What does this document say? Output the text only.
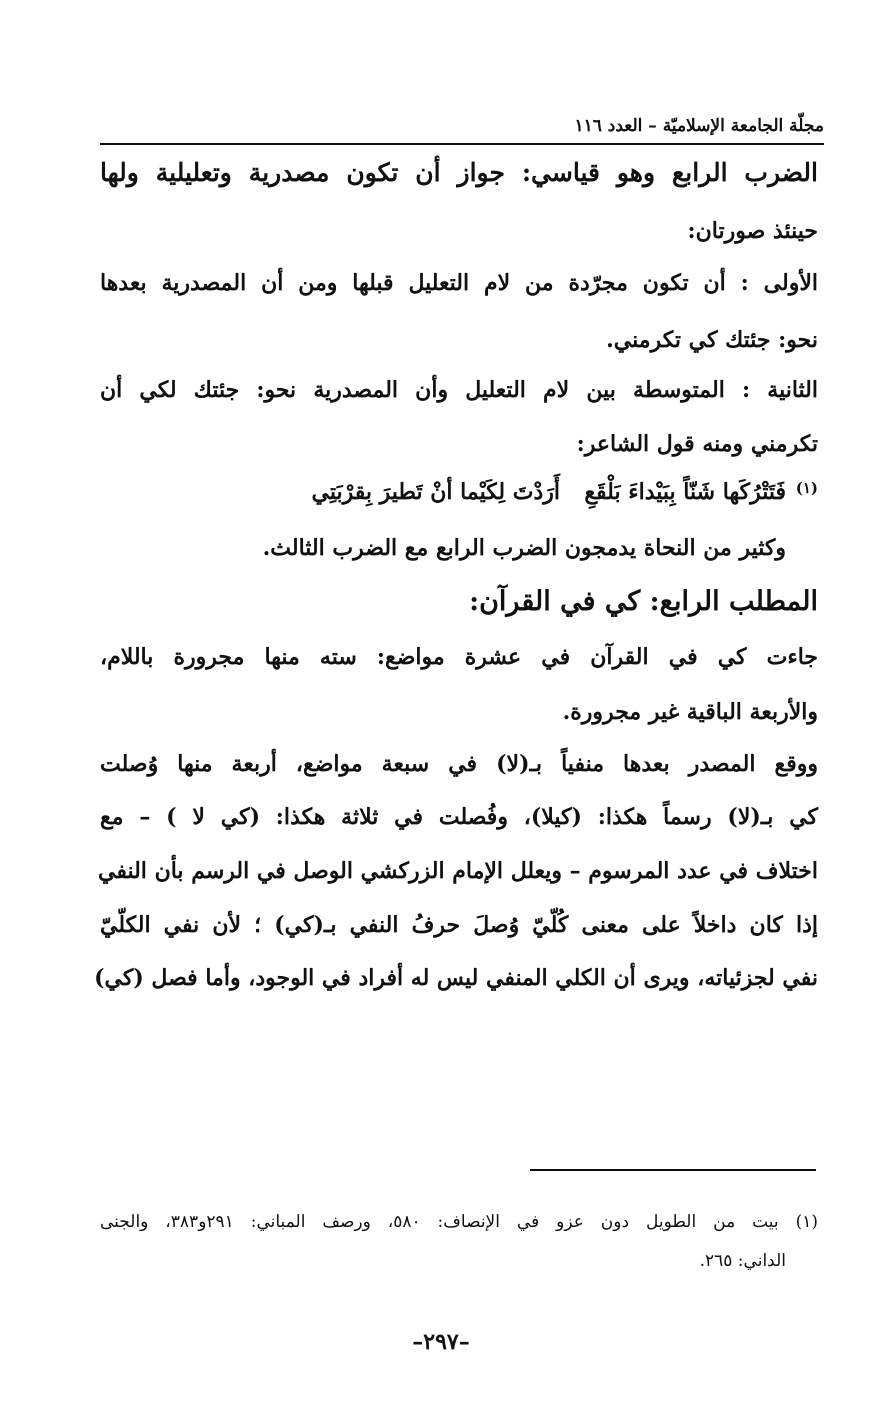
مجلّة الجامعة الإسلاميّة – العدد ١١٦
الضرب الرابع وهو قياسي: جواز أن تكون مصدرية وتعليلية ولها
حينئذ صورتان:
الأولى : أن تكون مجرّدة من لام التعليل قبلها ومن أن المصدرية بعدها
نحو: جئتك كي تكرمني.
الثانية : المتوسطة بين لام التعليل وأن المصدرية نحو: جئتك لكي أن
تكرمني ومنه قول الشاعر:
أَرَدْتَ لِكَيْما أنْ تَطيرَ بِقرْبَتِي فَتَتْرُكَها شَنّاً بِبَيْداءَ بَلْقَعِ (١)
وكثير من النحاة يدمجون الضرب الرابع مع الضرب الثالث.
المطلب الرابع: كي في القرآن:
جاءت كي في القرآن في عشرة مواضع: سته منها مجرورة باللام،
والأربعة الباقية غير مجرورة.
ووقع المصدر بعدها منفياً بـ(لا) في سبعة مواضع، أربعة منها وُصلت
كي بـ(لا) رسماً هكذا: (كيلا)، وفُصلت في ثلاثة هكذا: (كي لا ) – مع
اختلاف في عدد المرسوم – ويعلل الإمام الزركشي الوصل في الرسم بأن النفي
إذا كان داخلاً على معنى كُلّيّ وُصلَ حرفُ النفي بـ(كي) ؛ لأن نفي الكلّيّ
نفي لجزئياته، ويرى أن الكلي المنفي ليس له أفراد في الوجود، وأما فصل (كي)
(١) بيت من الطويل دون عزو في الإنصاف: ٥٨٠، ورصف المباني: ٢٩١و٣٨٣، والجنى
الداني: ٢٦٥.
–٢٩٧–
